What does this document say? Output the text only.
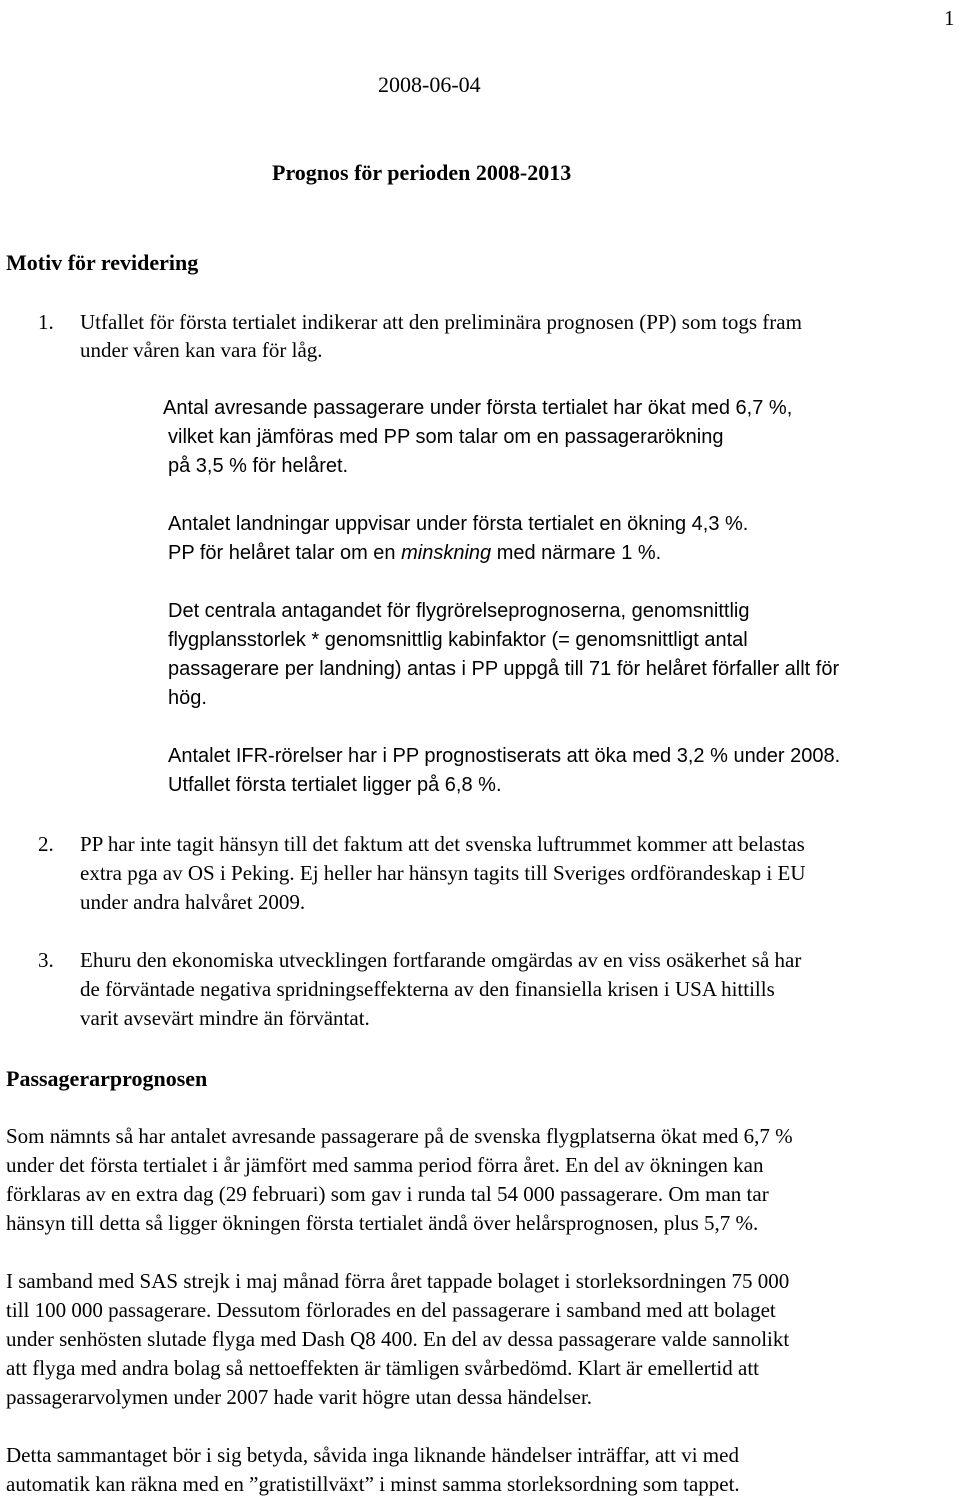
1
2008-06-04
Prognos för perioden 2008-2013
Motiv för revidering
1. Utfallet för första tertialet indikerar att den preliminära prognosen (PP) som togs fram
under våren kan vara för låg.
Antal avresande passagerare under första tertialet har ökat med 6,7 %,
vilket kan jämföras med PP som talar om en passagerarökning
på 3,5 % för helåret.
Antalet landningar uppvisar under första tertialet en ökning 4,3 %.
PP för helåret talar om en minskning med närmare 1 %.
Det centrala antagandet för flygrörelseprognoserna, genomsnittlig
flygplansstorlek * genomsnittlig kabinfaktor (= genomsnittligt antal
passagerare per landning) antas i PP uppgå till 71 för helåret förfaller allt för
hög.
Antalet IFR-rörelser har i PP prognostiserats att öka med 3,2 % under 2008.
Utfallet första tertialet ligger på 6,8 %.
2. PP har inte tagit hänsyn till det faktum att det svenska luftrummet kommer att belastas
extra pga av OS i Peking. Ej heller har hänsyn tagits till Sveriges ordförandeskap i EU
under andra halvåret 2009.
3. Ehuru den ekonomiska utvecklingen fortfarande omgärdas av en viss osäkerhet så har
de förväntade negativa spridningseffekterna av den finansiella krisen i USA hittills
varit avsevärt mindre än förväntat.
Passagerarprognosen
Som nämnts så har antalet avresande passagerare på de svenska flygplatserna ökat med 6,7 %
under det första tertialet i år jämfört med samma period förra året. En del av ökningen kan
förklaras av en extra dag (29 februari) som gav i runda tal 54 000 passagerare. Om man tar
hänsyn till detta så ligger ökningen första tertialet ändå över helårsprognosen, plus 5,7 %.
I samband med SAS strejk i maj månad förra året tappade bolaget i storleksordningen 75 000
till 100 000 passagerare. Dessutom förlorades en del passagerare i samband med att bolaget
under senhösten slutade flyga med Dash Q8 400. En del av dessa passagerare valde sannolikt
att flyga med andra bolag så nettoeffekten är tämligen svårbedömd. Klart är emellertid att
passagerarvolymen under 2007 hade varit högre utan dessa händelser.
Detta sammantaget bör i sig betyda, såvida inga liknande händelser inträffar, att vi med
automatik kan räkna med en ”gratistillväxt” i minst samma storleksordning som tappet.
